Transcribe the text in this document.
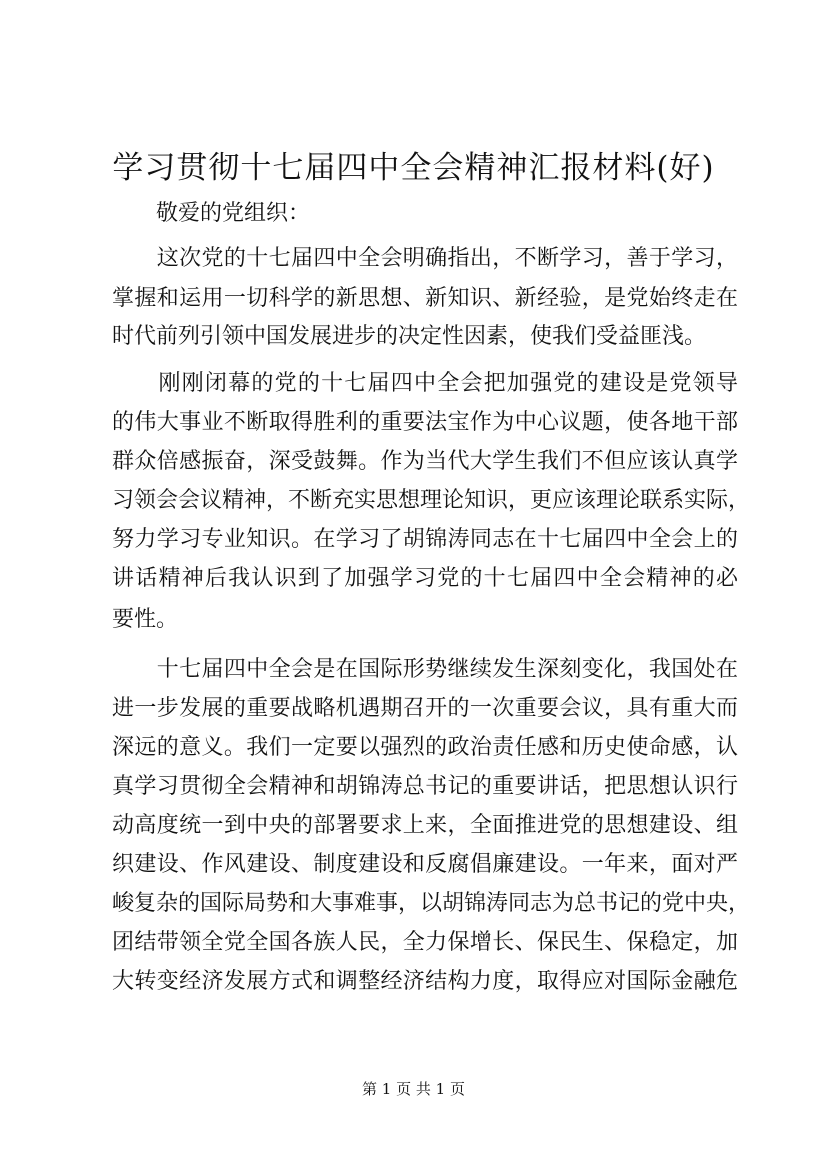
学习贯彻十七届四中全会精神汇报材料(好)
　　敬爱的党组织：
　　这次党的十七届四中全会明确指出，不断学习，善于学习，
掌握和运用一切科学的新思想、新知识、新经验，是党始终走在
时代前列引领中国发展进步的决定性因素，使我们受益匪浅。
　　刚刚闭幕的党的十七届四中全会把加强党的建设是党领导
的伟大事业不断取得胜利的重要法宝作为中心议题，使各地干部
群众倍感振奋，深受鼓舞。作为当代大学生我们不但应该认真学
习领会会议精神，不断充实思想理论知识，更应该理论联系实际，
努力学习专业知识。在学习了胡锦涛同志在十七届四中全会上的
讲话精神后我认识到了加强学习党的十七届四中全会精神的必
要性。
　　十七届四中全会是在国际形势继续发生深刻变化，我国处在
进一步发展的重要战略机遇期召开的一次重要会议，具有重大而
深远的意义。我们一定要以强烈的政治责任感和历史使命感，认
真学习贯彻全会精神和胡锦涛总书记的重要讲话，把思想认识行
动高度统一到中央的部署要求上来，全面推进党的思想建设、组
织建设、作风建设、制度建设和反腐倡廉建设。一年来，面对严
峻复杂的国际局势和大事难事，以胡锦涛同志为总书记的党中央，
团结带领全党全国各族人民，全力保增长、保民生、保稳定，加
大转变经济发展方式和调整经济结构力度，取得应对国际金融危
第 1 页 共 1 页
